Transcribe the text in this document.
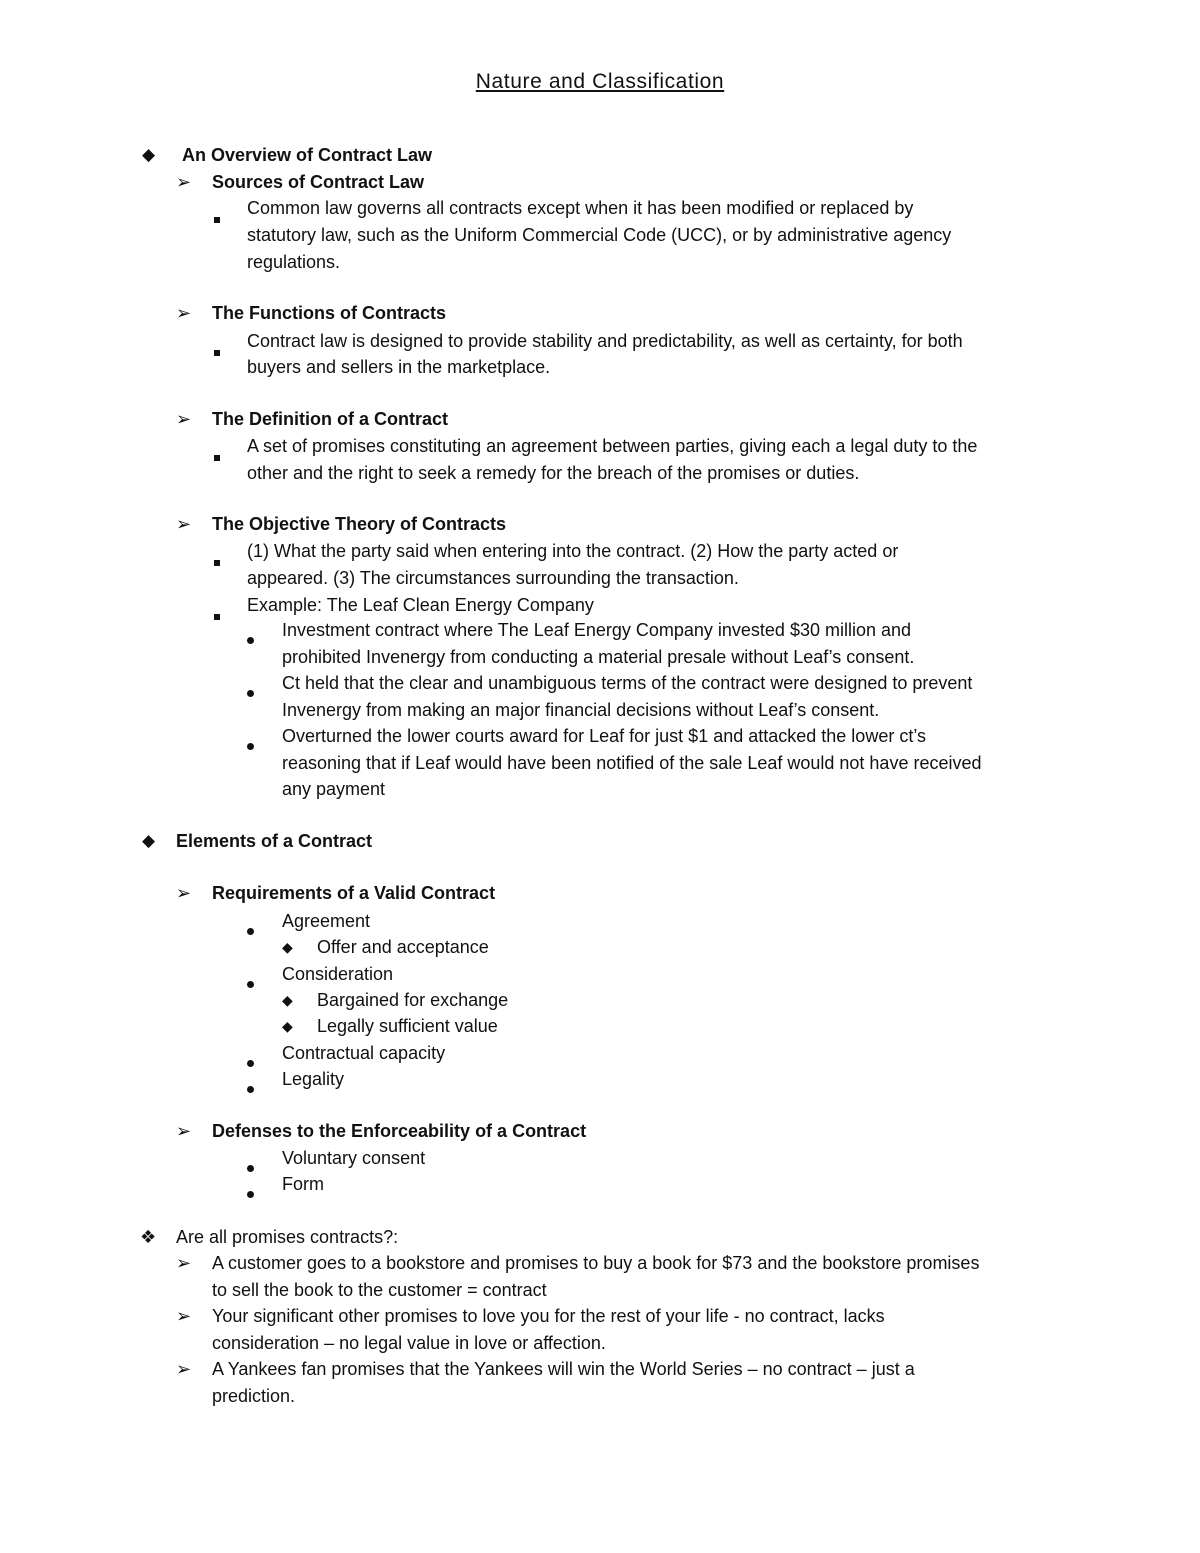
Nature and Classification
◆ An Overview of Contract Law
➢ Sources of Contract Law
Common law governs all contracts except when it has been modified or replaced by
statutory law, such as the Uniform Commercial Code (UCC), or by administrative agency
regulations.
➢ The Functions of Contracts
Contract law is designed to provide stability and predictability, as well as certainty, for both
buyers and sellers in the marketplace.
➢ The Definition of a Contract
A set of promises constituting an agreement between parties, giving each a legal duty to the
other and the right to seek a remedy for the breach of the promises or duties.
➢ The Objective Theory of Contracts
(1) What the party said when entering into the contract. (2) How the party acted or
appeared. (3) The circumstances surrounding the transaction.
Example: The Leaf Clean Energy Company
Investment contract where The Leaf Energy Company invested $30 million and
prohibited Invenergy from conducting a material presale without Leaf’s consent.
Ct held that the clear and unambiguous terms of the contract were designed to prevent
Invenergy from making an major financial decisions without Leaf’s consent.
Overturned the lower courts award for Leaf for just $1 and attacked the lower ct’s
reasoning that if Leaf would have been notified of the sale Leaf would not have received
any payment
◆ Elements of a Contract
➢ Requirements of a Valid Contract
Agreement
◆ Offer and acceptance
Consideration
◆ Bargained for exchange
◆ Legally sufficient value
Contractual capacity
Legality
➢ Defenses to the Enforceability of a Contract
Voluntary consent
Form
❖ Are all promises contracts?:
➢ A customer goes to a bookstore and promises to buy a book for $73 and the bookstore promises
to sell the book to the customer = contract
➢ Your significant other promises to love you for the rest of your life - no contract, lacks
consideration – no legal value in love or affection.
➢ A Yankees fan promises that the Yankees will win the World Series – no contract – just a
prediction.
